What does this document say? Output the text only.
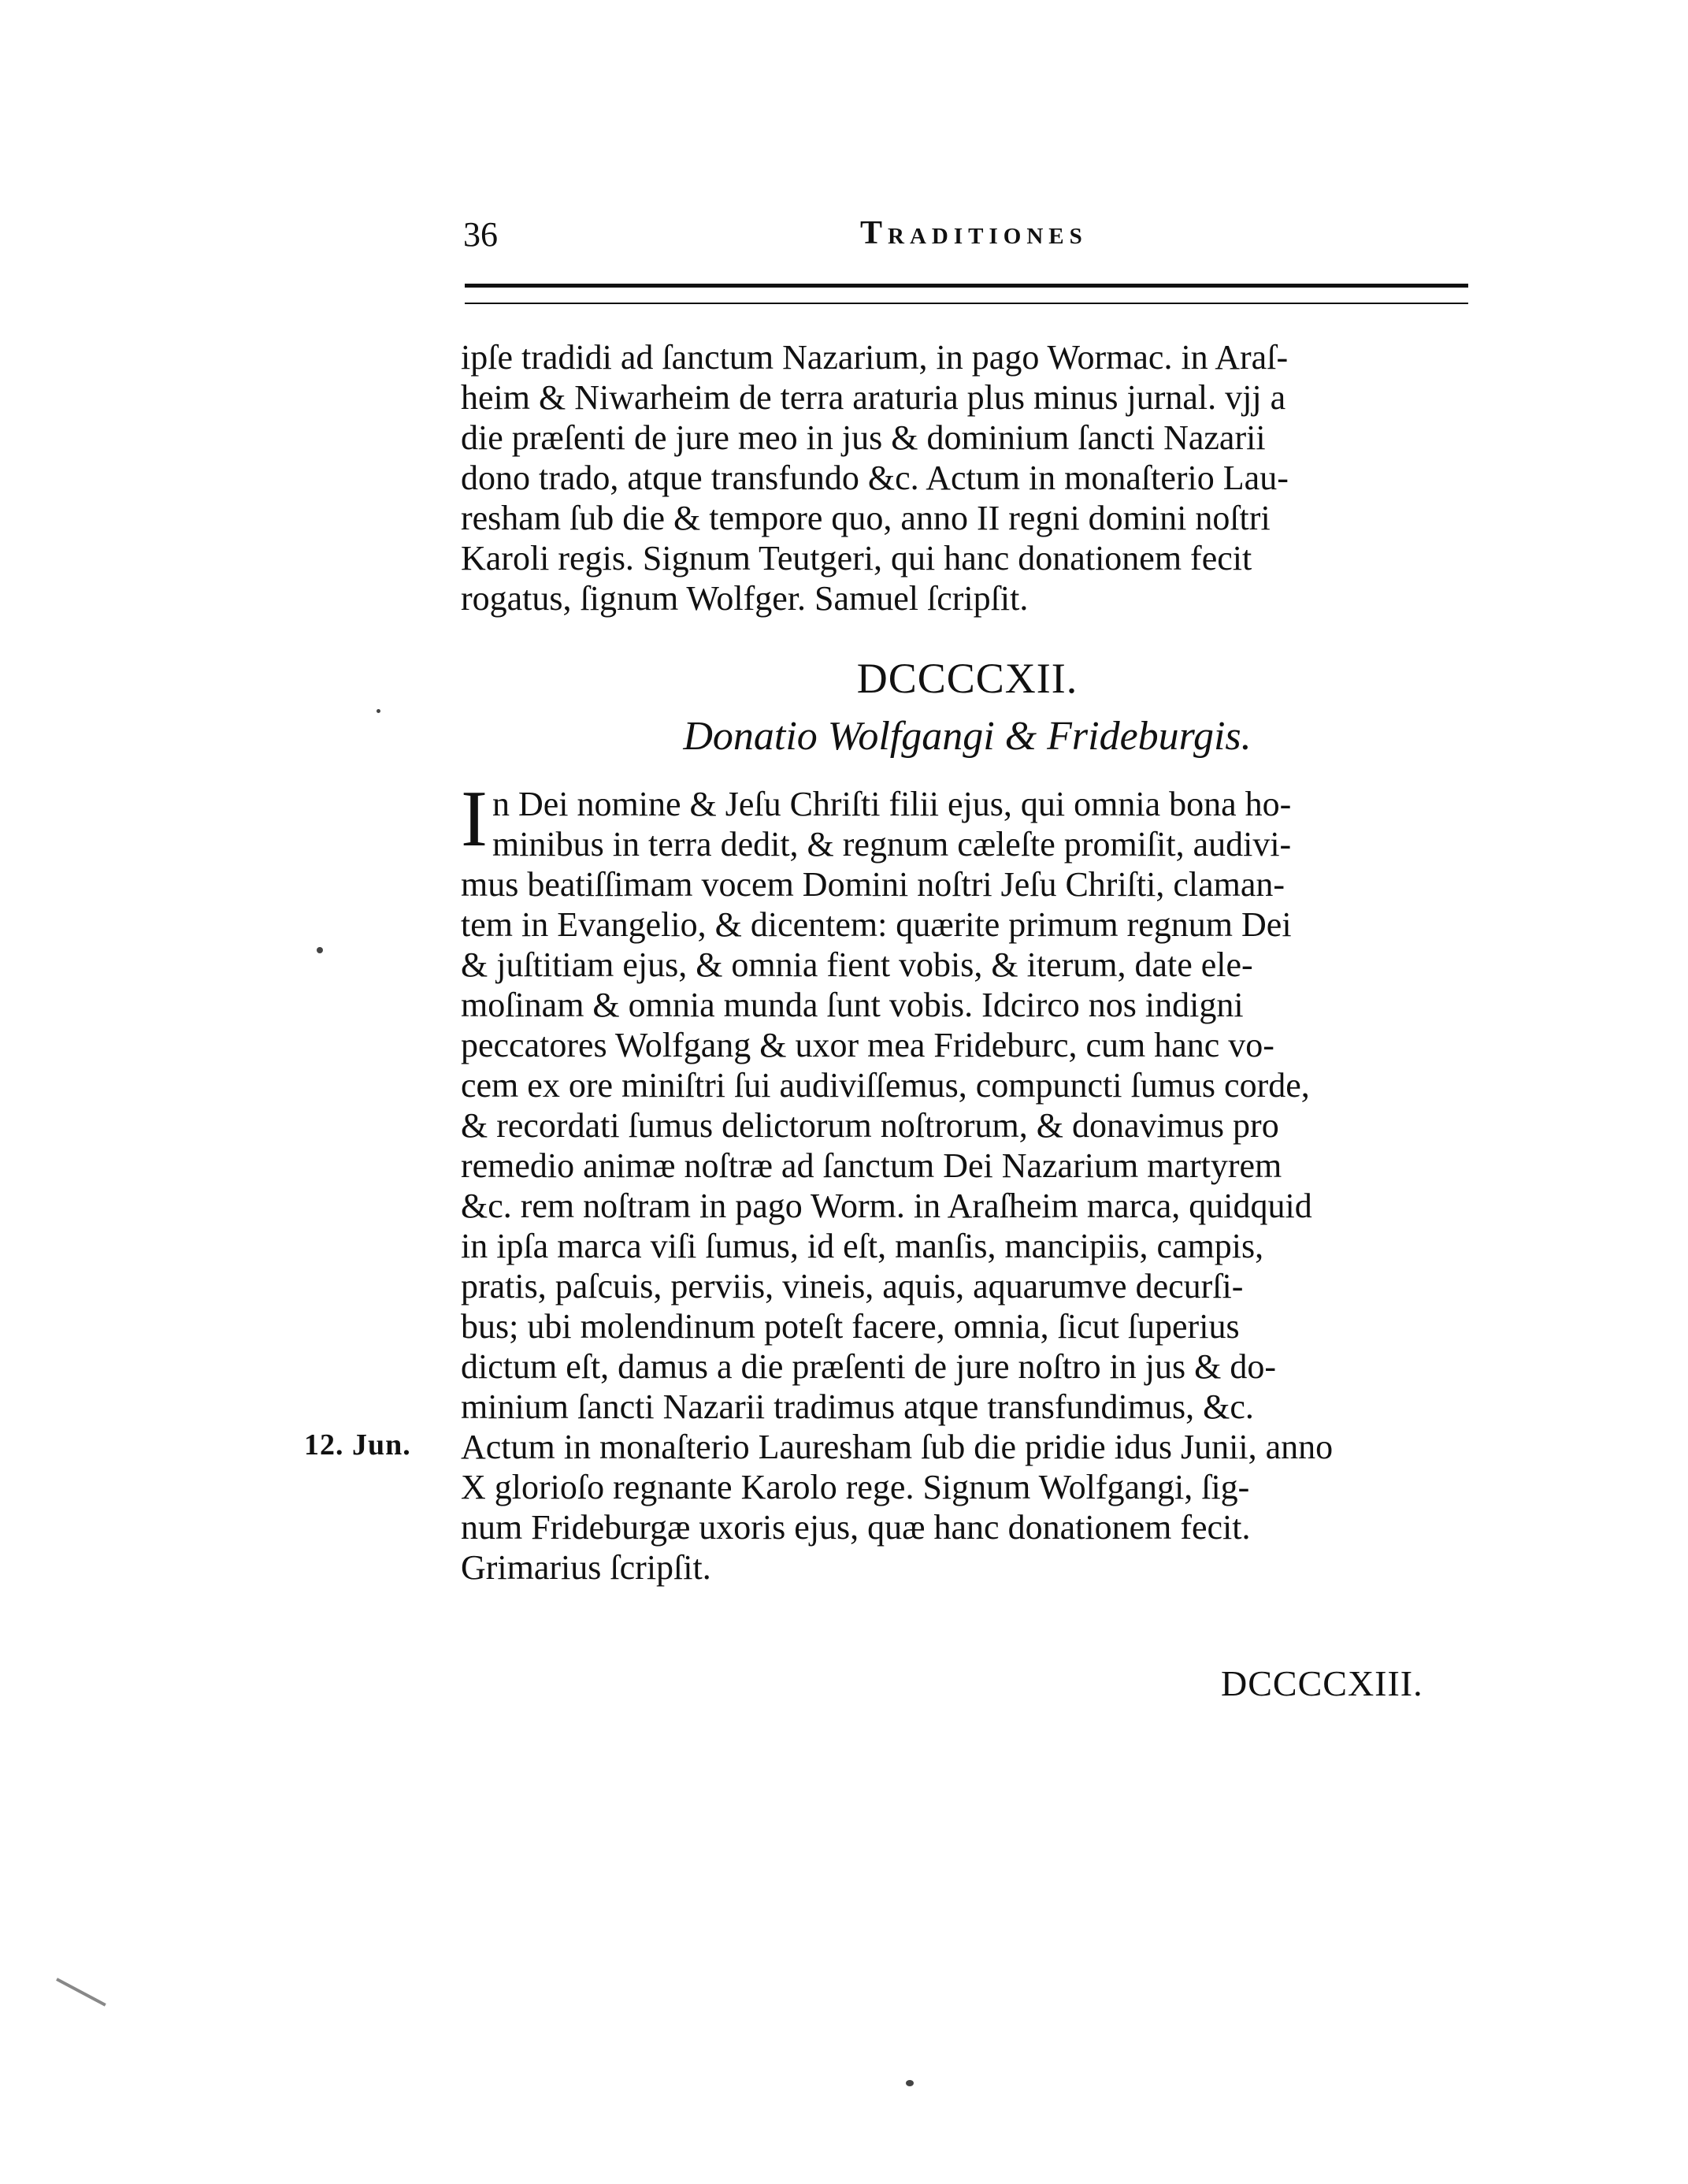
36	Traditiones
ipſe tradidi ad ſanctum Nazarium, in pago Wormac. in Araſ-
heim & Niwarheim de terra araturia plus minus jurnal. vjj a
die præſenti de jure meo in jus & dominium ſancti Nazarii
dono trado, atque transfundo &c. Actum in monaſterio Lau-
resham ſub die & tempore quo, anno II regni domini noſtri
Karoli regis. Signum Teutgeri, qui hanc donationem fecit
rogatus, ſignum Wolfger. Samuel ſcripſit.
DCCCCXII.
Donatio Wolfgangi & Frideburgis.
I n Dei nomine & Jeſu Chriſti filii ejus, qui omnia bona ho-
minibus in terra dedit, & regnum cæleſte promiſit, audivi-
mus beatiſſimam vocem Domini noſtri Jeſu Chriſti, claman-
tem in Evangelio, & dicentem: quærite primum regnum Dei
& juſtitiam ejus, & omnia fient vobis, & iterum, date ele-
moſinam & omnia munda ſunt vobis. Idcirco nos indigni
peccatores Wolfgang & uxor mea Frideburc, cum hanc vo-
cem ex ore miniſtri ſui audiviſſemus, compuncti ſumus corde,
& recordati ſumus delictorum noſtrorum, & donavimus pro
remedio animæ noſtræ ad ſanctum Dei Nazarium martyrem
&c. rem noſtram in pago Worm. in Araſheim marca, quidquid
in ipſa marca viſi ſumus, id eſt, manſis, mancipiis, campis,
pratis, paſcuis, perviis, vineis, aquis, aquarumve decurſi-
bus; ubi molendinum poteſt facere, omnia, ſicut ſuperius
dictum eſt, damus a die præſenti de jure noſtro in jus & do-
minium ſancti Nazarii tradimus atque transfundimus, &c.
Actum in monaſterio Lauresham ſub die pridie idus Junii, anno
X glorioſo regnante Karolo rege. Signum Wolfgangi, ſig-
num Frideburgæ uxoris ejus, quæ hanc donationem fecit.
Grimarius ſcripſit.
12. Jun.
DCCCCXIII.
